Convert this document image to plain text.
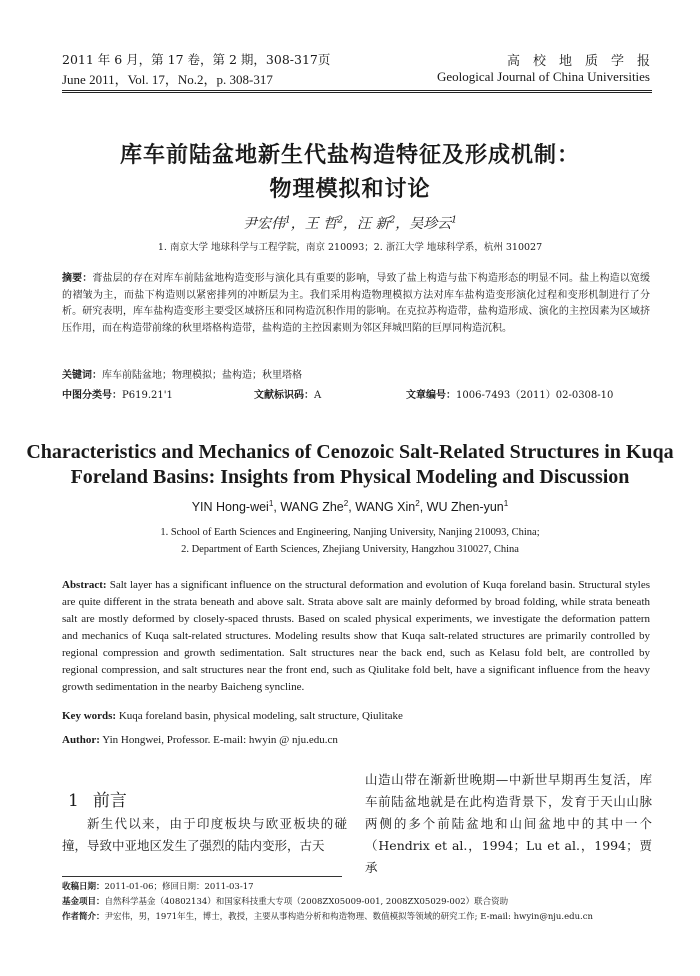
2011 年 6 月，第 17 卷，第 2 期，308-317页
June 2011，Vol. 17，No.2，p. 308-317
高　校　地　质　学　报
Geological Journal of China Universities
库车前陆盆地新生代盐构造特征及形成机制：
物理模拟和讨论
尹宏伟$^1$，王 哲$^2$，汪 新$^2$，吴珍云$^1$
1. 南京大学 地球科学与工程学院，南京 210093；2. 浙江大学 地球科学系，杭州 310027
摘要：膏盐层的存在对库车前陆盆地构造变形与演化具有重要的影响，导致了盐上构造与盐下构造形态的明显不同。盐上构造以宽缓的褶皱为主，而盐下构造则以紧密排列的冲断层为主。我们采用构造物理模拟方法对库车盐构造变形演化过程和变形机制进行了分析。研究表明，库车盐构造变形主要受区域挤压和同构造沉积作用的影响。在克拉苏构造带，盐构造形成、演化的主控因素为区域挤压作用，而在构造带前缘的秋里塔格构造带，盐构造的主控因素则为邻区拜城凹陷的巨厚同构造沉积。
关键词：库车前陆盆地；物理模拟；盐构造；秋里塔格
中图分类号：P619.21'1	文献标识码：A	文章编号：1006-7493（2011）02-0308-10
Characteristics and Mechanics of Cenozoic Salt-Related Structures in Kuqa
Foreland Basins: Insights from Physical Modeling and Discussion
YIN Hong-wei$^1$, WANG Zhe$^2$, WANG Xin$^2$, WU Zhen-yun$^1$
1. School of Earth Sciences and Engineering, Nanjing University, Nanjing 210093, China;
2. Department of Earth Sciences, Zhejiang University, Hangzhou 310027, China
Abstract: Salt layer has a significant influence on the structural deformation and evolution of Kuqa foreland basin. Structural styles are quite different in the strata beneath and above salt. Strata above salt are mainly deformed by broad folding, while strata beneath salt are mostly deformed by closely-spaced thrusts. Based on scaled physical experiments, we investigate the deformation pattern and mechanics of Kuqa salt-related structures. Modeling results show that Kuqa salt-related structures are primarily controlled by regional compression and growth sedimentation. Salt structures near the back end, such as Kelasu fold belt, are controlled by regional compression, and salt structures near the front end, such as Qiulitake fold belt, have a significant influence from the heavy growth sedimentation in the nearby Baicheng syncline.
Key words: Kuqa foreland basin, physical modeling, salt structure, Qiulitake
Author: Yin Hongwei, Professor. E-mail: hwyin @ nju.edu.cn
1 前言
新生代以来，由于印度板块与欧亚板块的碰撞，导致中亚地区发生了强烈的陆内变形，古天
山造山带在渐新世晚期—中新世早期再生复活，库车前陆盆地就是在此构造背景下，发育于天山山脉两侧的多个前陆盆地和山间盆地中的其中一个（Hendrix et al.，1994；Lu et al.，1994；贾承
收稿日期：2011-01-06；修回日期：2011-03-17
基金项目：自然科学基金（40802134）和国家科技重大专项（2008ZX05009-001, 2008ZX05029-002）联合资助
作者简介：尹宏伟，男，1971年生，博士，教授，主要从事构造分析和构造物理、数值模拟等领域的研究工作; E-mail: hwyin@nju.edu.cn
